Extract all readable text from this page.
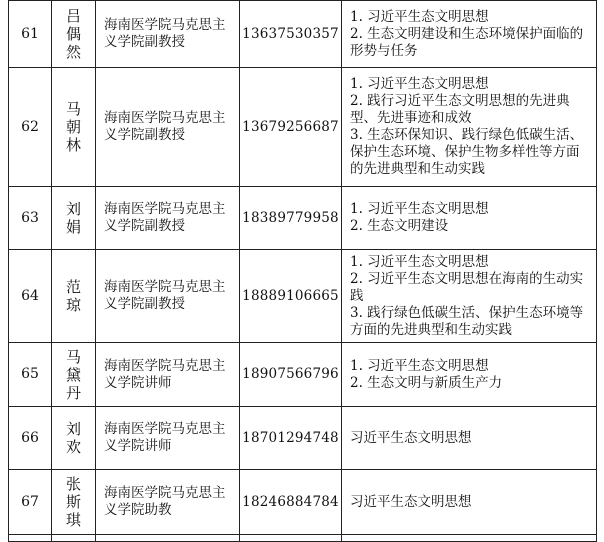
61	吕偶然	海南医学院马克思主义学院副教授	13637530357	1. 习近平生态文明思想
2. 生态文明建设和生态环境保护面临的形势与任务

62	马朝林	海南医学院马克思主义学院副教授	13679256687	1. 习近平生态文明思想
2. 践行习近平生态文明思想的先进典型、先进事迹和成效
3. 生态环保知识、践行绿色低碳生活、保护生态环境、保护生物多样性等方面的先进典型和生动实践

63	刘娟	海南医学院马克思主义学院副教授	18389779958	1. 习近平生态文明思想
2. 生态文明建设

64	范琼	海南医学院马克思主义学院副教授	18889106665	1. 习近平生态文明思想
2. 习近平生态文明思想在海南的生动实践
3. 践行绿色低碳生活、保护生态环境等方面的先进典型和生动实践

65	马黛丹	海南医学院马克思主义学院讲师	18907566796	1. 习近平生态文明思想
2. 生态文明与新质生产力

66	刘欢	海南医学院马克思主义学院讲师	18701294748	习近平生态文明思想

67	张斯琪	海南医学院马克思主义学院助教	18246884784	习近平生态文明思想
